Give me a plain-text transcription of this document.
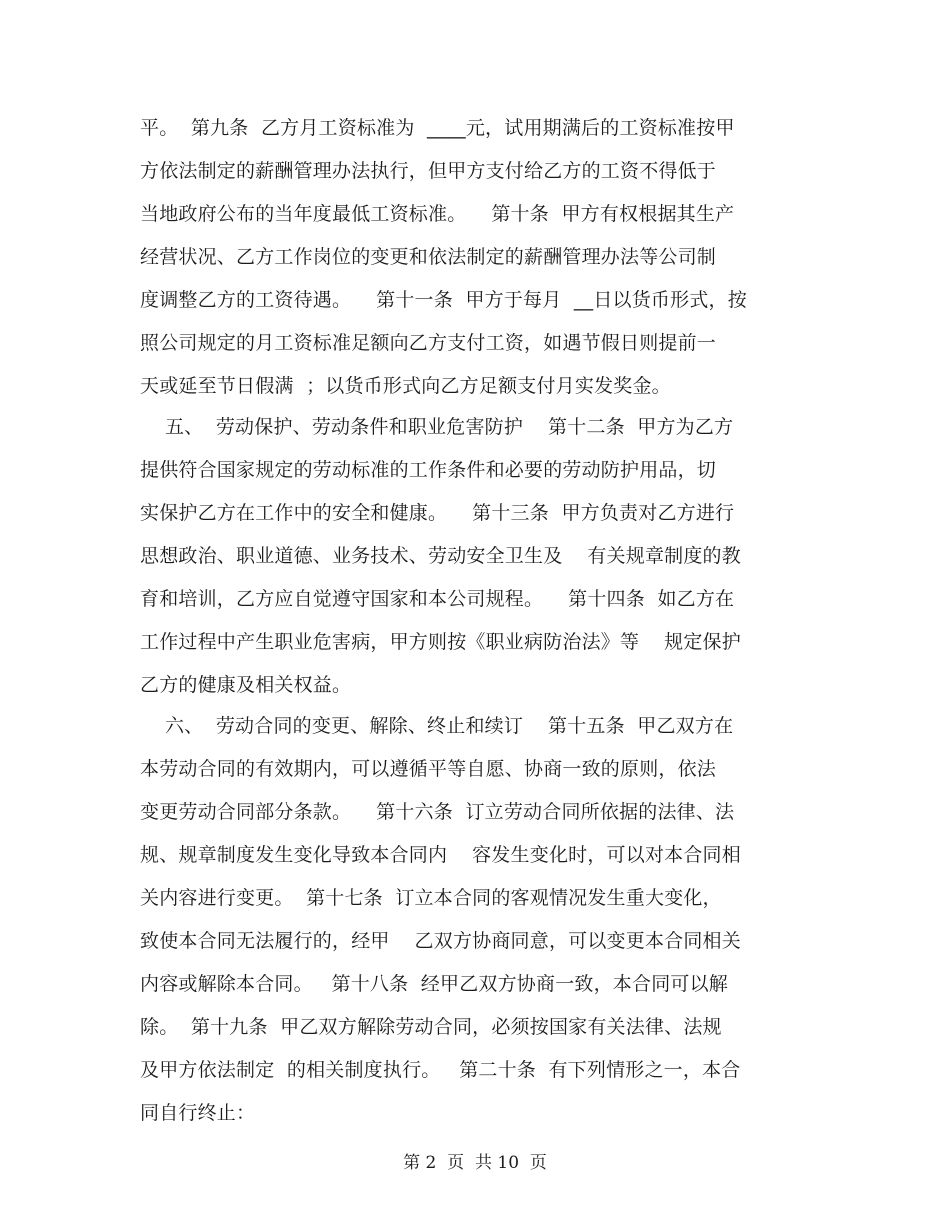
平。  第九条  乙方月工资标准为  ____元，试用期满后的工资标准按甲
方依法制定的薪酬管理办法执行，但甲方支付给乙方的工资不得低于
当地政府公布的当年度最低工资标准。    第十条  甲方有权根据其生产
经营状况、乙方工作岗位的变更和依法制定的薪酬管理办法等公司制
度调整乙方的工资待遇。    第十一条  甲方于每月  __日以货币形式，按
照公司规定的月工资标准足额向乙方支付工资，如遇节假日则提前一
天或延至节日假满  ；以货币形式向乙方足额支付月实发奖金。
五、  劳动保护、劳动条件和职业危害防护    第十二条  甲方为乙方
提供符合国家规定的劳动标准的工作条件和必要的劳动防护用品，切
实保护乙方在工作中的安全和健康。    第十三条  甲方负责对乙方进行
思想政治、职业道德、业务技术、劳动安全卫生及    有关规章制度的教
育和培训，乙方应自觉遵守国家和本公司规程。    第十四条  如乙方在
工作过程中产生职业危害病，甲方则按《职业病防治法》等    规定保护
乙方的健康及相关权益。
六、  劳动合同的变更、解除、终止和续订    第十五条  甲乙双方在
本劳动合同的有效期内，可以遵循平等自愿、协商一致的原则，依法
变更劳动合同部分条款。    第十六条  订立劳动合同所依据的法律、法
规、规章制度发生变化导致本合同内    容发生变化时，可以对本合同相
关内容进行变更。  第十七条  订立本合同的客观情况发生重大变化，
致使本合同无法履行的，经甲    乙双方协商同意，可以变更本合同相关
内容或解除本合同。   第十八条  经甲乙双方协商一致，本合同可以解
除。  第十九条  甲乙双方解除劳动合同，必须按国家有关法律、法规
及甲方依法制定  的相关制度执行。   第二十条  有下列情形之一，本合
同自行终止：
第 2  页  共 10  页
